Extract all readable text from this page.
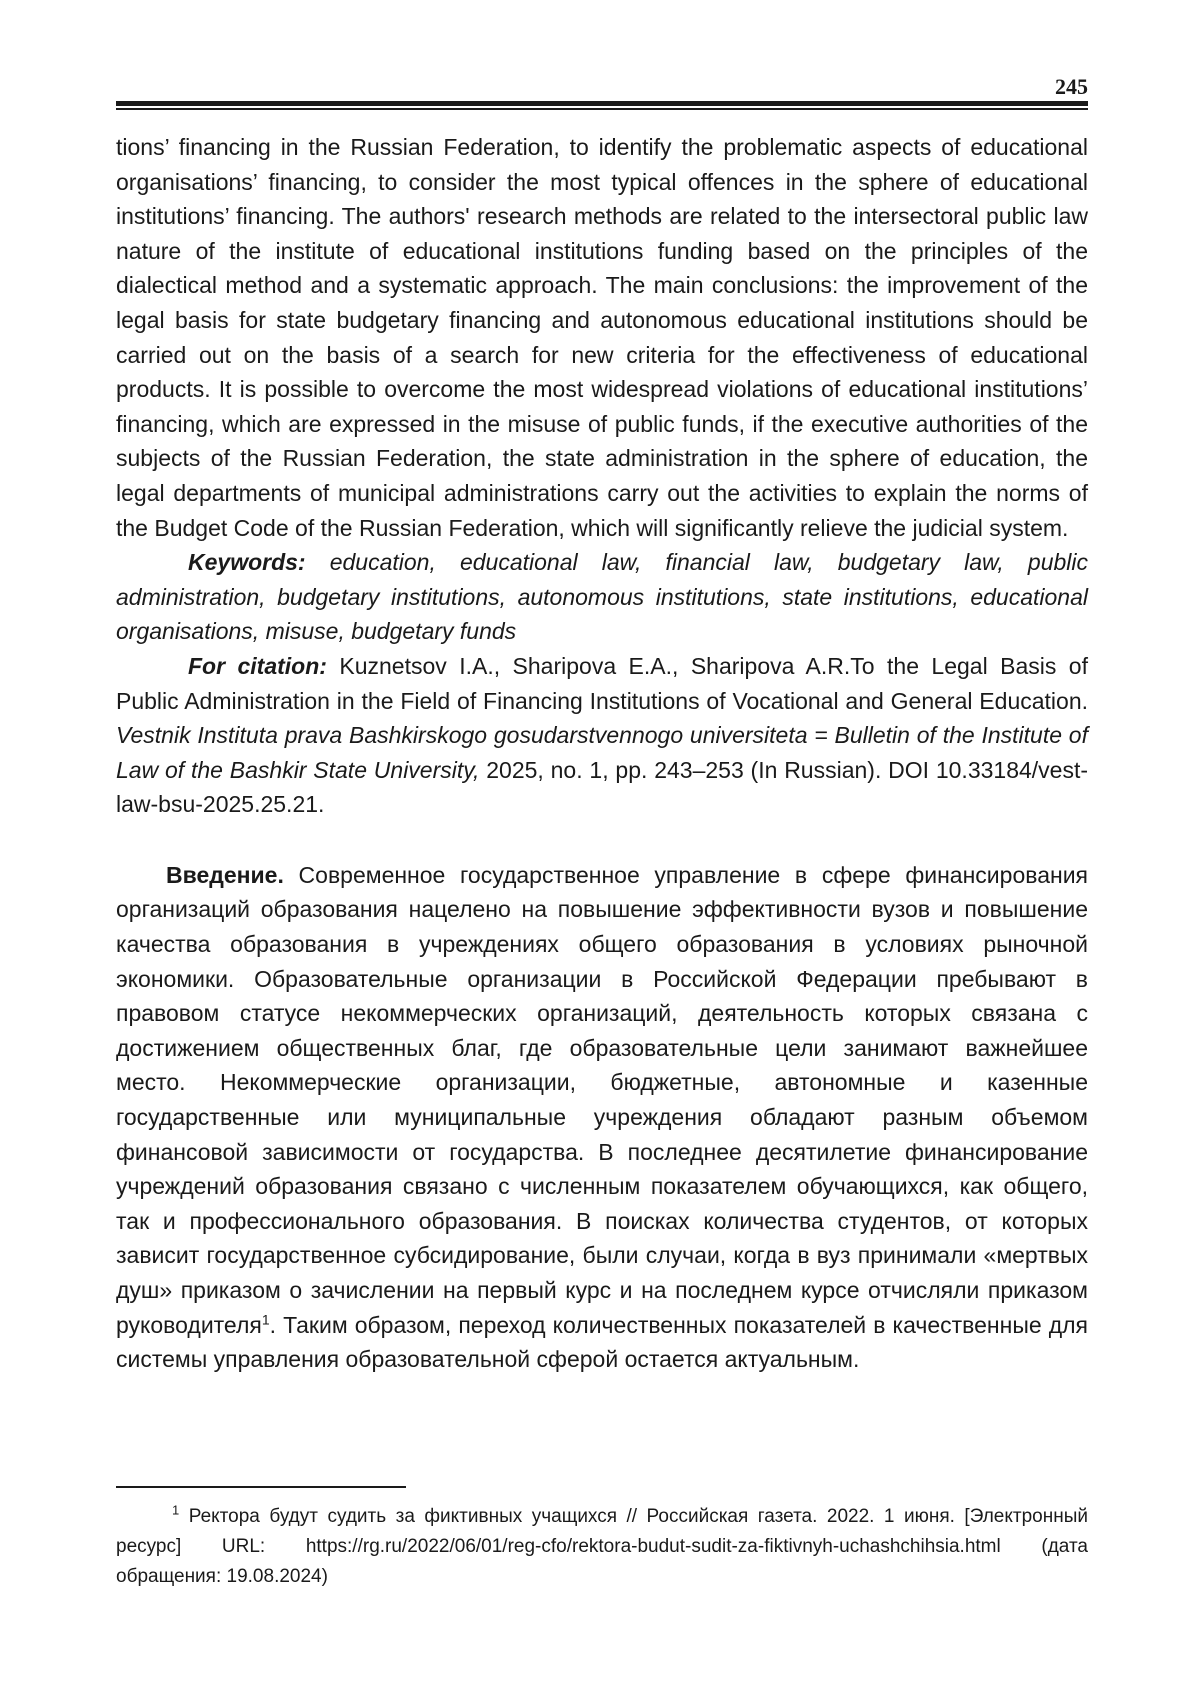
245

tions’ financing in the Russian Federation, to identify the problematic aspects of educational organisations’ financing, to consider the most typical offences in the sphere of educational institutions’ financing. The authors' research methods are related to the intersectoral public law nature of the institute of educational institutions funding based on the principles of the dialectical method and a systematic approach. The main conclusions: the improvement of the legal basis for state budgetary financing and autonomous educational institutions should be carried out on the basis of a search for new criteria for the effectiveness of educational products. It is possible to overcome the most widespread violations of educational institutions’ financing, which are expressed in the misuse of public funds, if the executive authorities of the subjects of the Russian Federation, the state administration in the sphere of education, the legal departments of municipal administrations carry out the activities to explain the norms of the Budget Code of the Russian Federation, which will significantly relieve the judicial system.

Keywords: education, educational law, financial law, budgetary law, public administration, budgetary institutions, autonomous institutions, state institutions, educational organisations, misuse, budgetary funds

For citation: Kuznetsov I.A., Sharipova E.A., Sharipova A.R.To the Legal Basis of Public Administration in the Field of Financing Institutions of Vocational and General Education. Vestnik Instituta prava Bashkirskogo gosudarstvennogo universiteta = Bulletin of the Institute of Law of the Bashkir State University, 2025, no. 1, pp. 243–253 (In Russian). DOI 10.33184/vest-law-bsu-2025.25.21.

Введение. Современное государственное управление в сфере финансирования организаций образования нацелено на повышение эффективности вузов и повышение качества образования в учреждениях общего образования в условиях рыночной экономики. Образовательные организации в Российской Федерации пребывают в правовом статусе некоммерческих организаций, деятельность которых связана с достижением общественных благ, где образовательные цели занимают важнейшее место. Некоммерческие организации, бюджетные, автономные и казенные государственные или муниципальные учреждения обладают разным объемом финансовой зависимости от государства. В последнее десятилетие финансирование учреждений образования связано с численным показателем обучающихся, как общего, так и профессионального образования. В поисках количества студентов, от которых зависит государственное субсидирование, были случаи, когда в вуз принимали «мертвых душ» приказом о зачислении на первый курс и на последнем курсе отчисляли приказом руководителя$^1$. Таким образом, переход количественных показателей в качественные для системы управления образовательной сферой остается актуальным.

$^1$ Ректора будут судить за фиктивных учащихся // Российская газета. 2022. 1 июня. [Электронный ресурс] URL: https://rg.ru/2022/06/01/reg-cfo/rektora-budut-sudit-za-fiktivnyh-uchashchihsia.html (дата обращения: 19.08.2024)
